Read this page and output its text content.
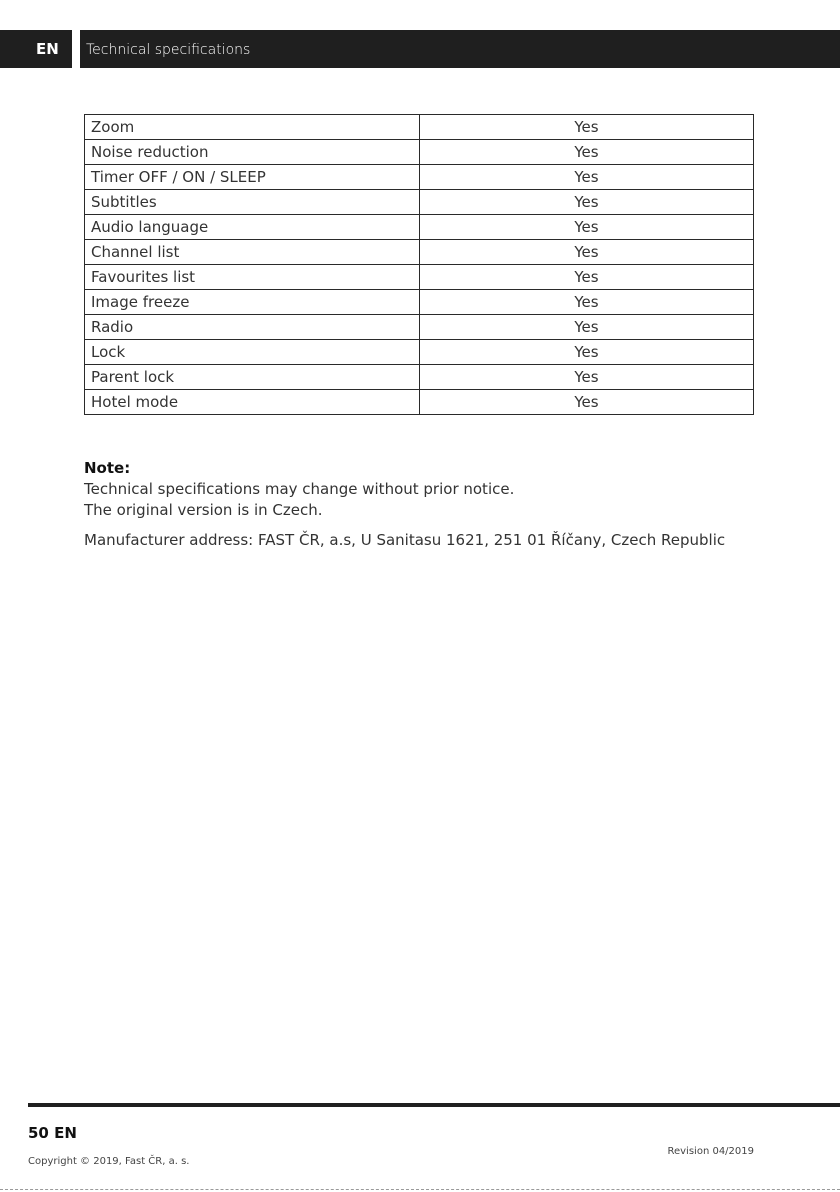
EN	Technical specifications
Zoom	Yes
Noise reduction	Yes
Timer OFF / ON / SLEEP	Yes
Subtitles	Yes
Audio language	Yes
Channel list	Yes
Favourites list	Yes
Image freeze	Yes
Radio	Yes
Lock	Yes
Parent lock	Yes
Hotel mode	Yes
Note:
Technical specifications may change without prior notice.
The original version is in Czech.
Manufacturer address: FAST ČR, a.s, U Sanitasu 1621, 251 01 Říčany, Czech Republic
50 EN
Copyright © 2019, Fast ČR, a. s.
Revision 04/2019
